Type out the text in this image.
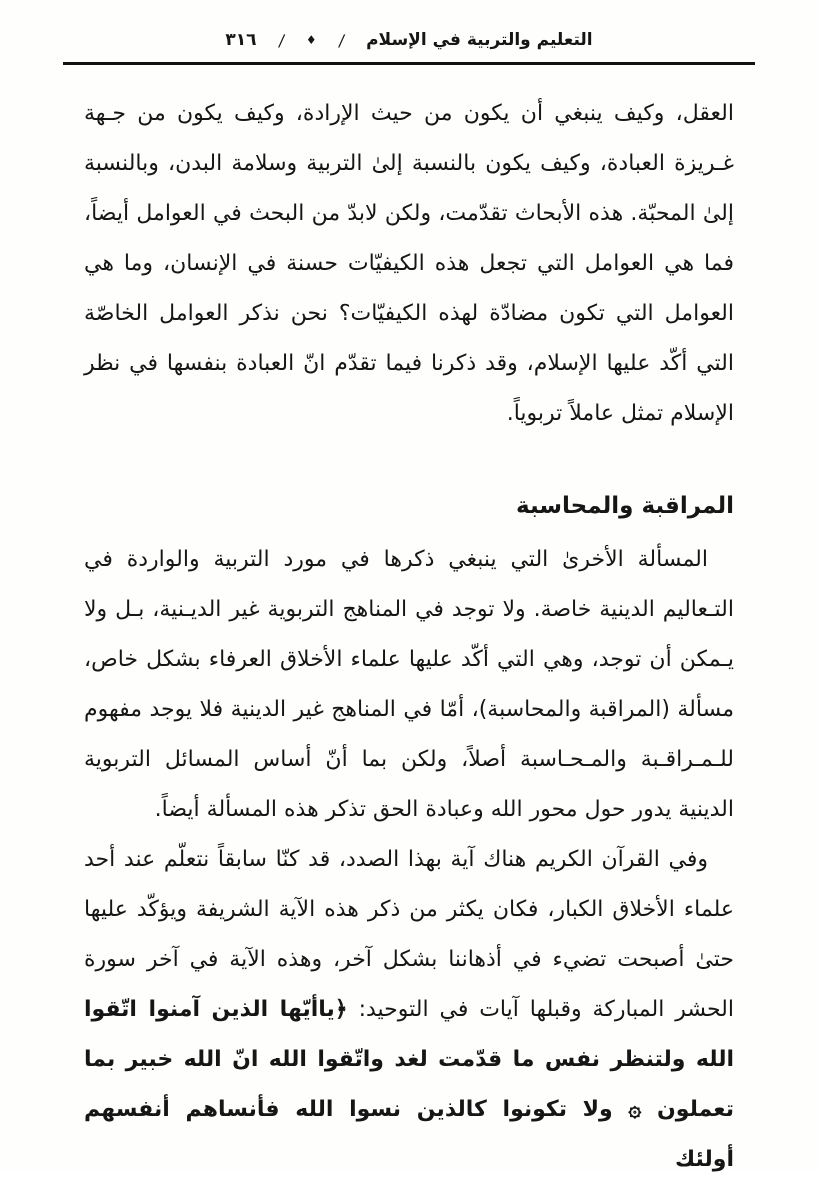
التعليم والتربية في الإسلام
/
♦
/
٣١٦

العقل، وكيف ينبغي أن يكون من حيث الإرادة، وكيف يكون من جـهة غـريزة العبادة، وكيف يكون بالنسبة إلىٰ التربية وسلامة البدن، وبالنسبة إلىٰ المحبّة. هذه الأبحاث تقدّمت، ولكن لابدّ من البحث في العوامل أيضاً، فما هي العوامل التي تجعل هذه الكيفيّات حسنة في الإنسان، وما هي العوامل التي تكون مضادّة لهذه الكيفيّات؟ نحن نذكر العوامل الخاصّة التي أكّد عليها الإسلام، وقد ذكرنا فيما تقدّم انّ العبادة بنفسها في نظر الإسلام تمثل عاملاً تربوياً.

المراقبة والمحاسبة

المسألة الأخرىٰ التي ينبغي ذكرها في مورد التربية والواردة في التـعاليم الدينية خاصة. ولا توجد في المناهج التربوية غير الديـنية، بـل ولا يـمكن أن توجد، وهي التي أكّد عليها علماء الأخلاق العرفاء بشكل خاص، مسألة (المراقبة والمحاسبة)، أمّا في المناهج غير الدينية فلا يوجد مفهوم للـمـراقـبة والمـحـاسبة أصلاً، ولكن بما أنّ أساس المسائل التربوية الدينية يدور حول محور الله وعبادة الحق تذكر هذه المسألة أيضاً.

وفي القرآن الكريم هناك آية بهذا الصدد، قد كنّا سابقاً نتعلّم عند أحد علماء الأخلاق الكبار، فكان يكثر من ذكر هذه الآية الشريفة ويؤكّد عليها حتىٰ أصبحت تضيء في أذهاننا بشكل آخر، وهذه الآية في آخر سورة الحشر المباركة وقبلها آيات في التوحيد: ﴿ياأيّها الذين آمنوا اتّقوا الله ولتنظر نفس ما قدّمت لغد واتّقوا الله انّ الله خبير بما تعملون ۞ ولا تكونوا كالذين نسوا الله فأنساهم أنفسهم أولئك
